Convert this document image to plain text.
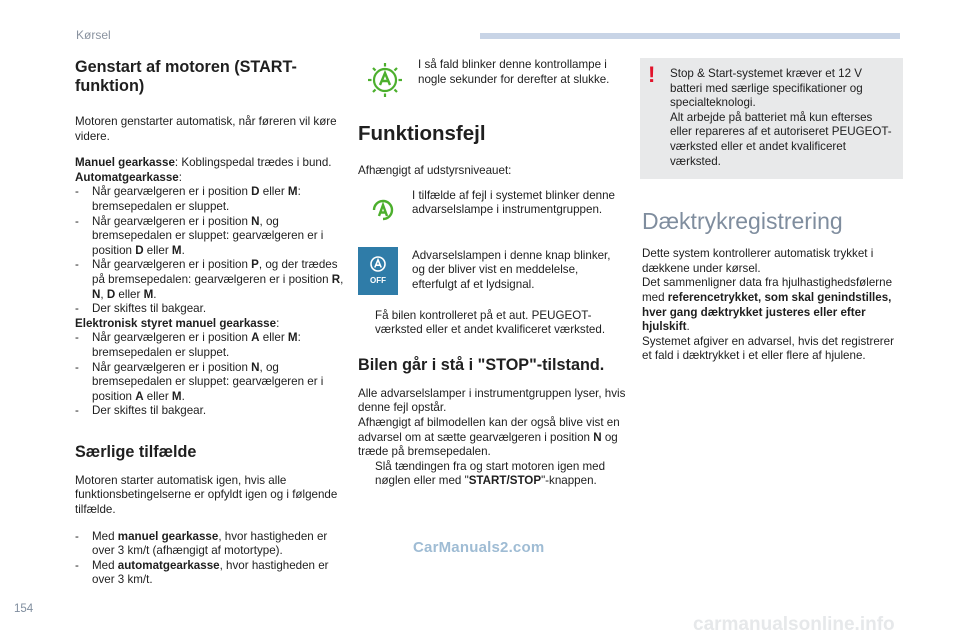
Kørsel
Genstart af motoren (START-funktion)

Motoren genstarter automatisk, når føreren vil køre videre.

Manuel gearkasse: Koblingspedal trædes i bund.

Automatgearkasse:

- Når gearvælgeren er i position D eller M: bremsepedalen er sluppet.
- Når gearvælgeren er i position N, og bremsepedalen er sluppet: gearvælgeren er i position D eller M.
- Når gearvælgeren er i position P, og der trædes på bremsepedalen: gearvælgeren er i position R, N, D eller M.
- Der skiftes til bakgear.

Elektronisk styret manuel gearkasse:

- Når gearvælgeren er i position A eller M: bremsepedalen er sluppet.
- Når gearvælgeren er i position N, og bremsepedalen er sluppet: gearvælgeren er i position A eller M.
- Der skiftes til bakgear.
Særlige tilfælde

Motoren starter automatisk igen, hvis alle funktionsbetingelserne er opfyldt igen og i følgende tilfælde.

- Med manuel gearkasse, hvor hastigheden er over 3 km/t (afhængigt af motortype).
- Med automatgearkasse, hvor hastigheden er over 3 km/t.

I så fald blinker denne kontrollampe i nogle sekunder for derefter at slukke.

Funktionsfejl

Afhængigt af udstyrsniveauet:

I tilfælde af fejl i systemet blinker denne advarselslampe i instrumentgruppen.

OFF

Advarselslampen i denne knap blinker, og der bliver vist en meddelelse, efterfulgt af et lydsignal.

Få bilen kontrolleret på et aut. PEUGEOT-værksted eller et andet kvalificeret værksted.
Bilen går i stå i "STOP"-tilstand.

Alle advarselslamper i instrumentgruppen lyser, hvis denne fejl opstår.

Afhængigt af bilmodellen kan der også blive vist en advarsel om at sætte gearvælgeren i position N og træde på bremsepedalen.

Slå tændingen fra og start motoren igen med nøglen eller med "START/STOP"-knappen.
! Stop & Start-systemet kræver et 12 V batteri med særlige specifikationer og specialteknologi.

Alt arbejde på batteriet må kun efterses eller repareres af et autoriseret PEUGEOT-værksted eller et andet kvalificeret værksted.

Dæktrykregistrering

Dette system kontrollerer automatisk trykket i dækkene under kørsel.

Det sammenligner data fra hjulhastighedsfølerne med referencetrykket, som skal genindstilles, hver gang dæktrykket justeres eller efter hjulskift.

Systemet afgiver en advarsel, hvis det registrerer et fald i dæktrykket i et eller flere af hjulene.

CarManuals2.com
154
carmanualsonline.info
